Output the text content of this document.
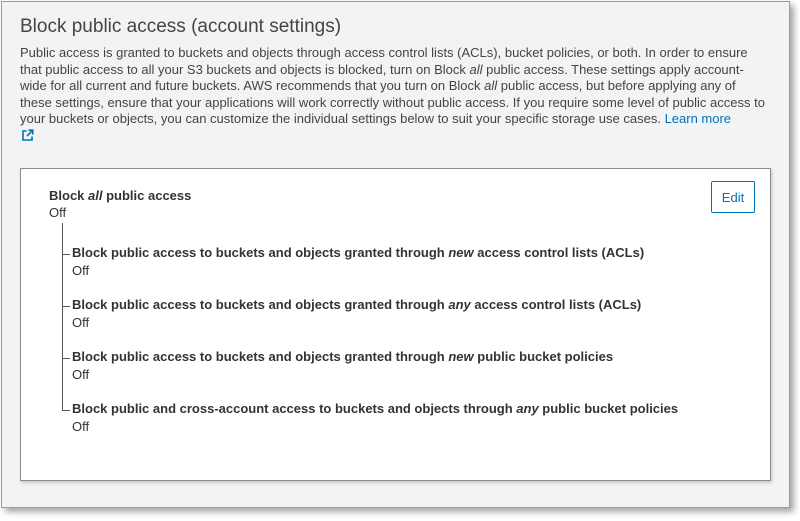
Block public access (account settings)

Public access is granted to buckets and objects through access control lists (ACLs), bucket policies, or both. In order to ensure that public access to all your S3 buckets and objects is blocked, turn on Block all public access. These settings apply account-wide for all current and future buckets. AWS recommends that you turn on Block all public access, but before applying any of these settings, ensure that your applications will work correctly without public access. If you require some level of public access to your buckets or objects, you can customize the individual settings below to suit your specific storage use cases. Learn more

Block all public access
Off
Edit
Block public access to buckets and objects granted through new access control lists (ACLs)
Off
Block public access to buckets and objects granted through any access control lists (ACLs)
Off
Block public access to buckets and objects granted through new public bucket policies
Off
Block public and cross-account access to buckets and objects through any public bucket policies
Off
